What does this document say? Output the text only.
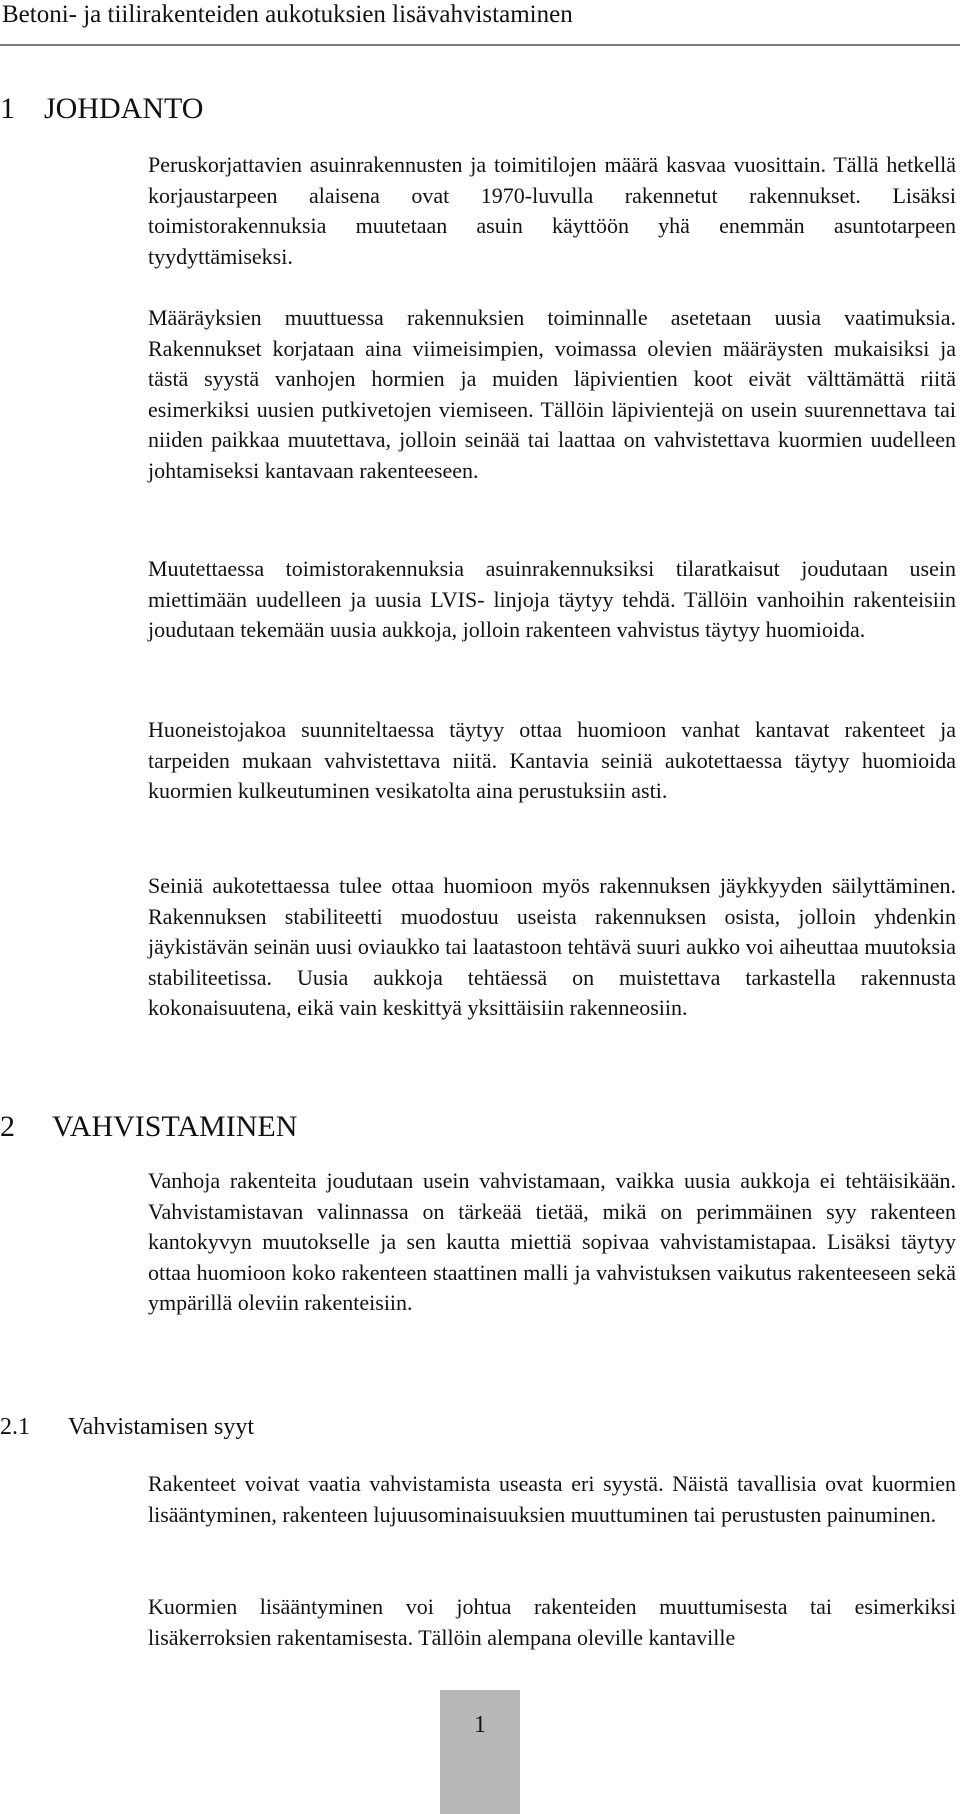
Betoni- ja tiilirakenteiden aukotuksien lisävahvistaminen
1 JOHDANTO

Peruskorjattavien asuinrakennusten ja toimitilojen määrä kasvaa vuosittain. Tällä hetkellä korjaustarpeen alaisena ovat 1970-luvulla rakennetut rakennukset. Lisäksi toimistorakennuksia muutetaan asuin käyttöön yhä enemmän asuntotarpeen tyydyttämiseksi.

Määräyksien muuttuessa rakennuksien toiminnalle asetetaan uusia vaatimuksia. Rakennukset korjataan aina viimeisimpien, voimassa olevien määräysten mukaisiksi ja tästä syystä vanhojen hormien ja muiden läpivientien koot eivät välttämättä riitä esimerkiksi uusien putkivetojen viemiseen. Tällöin läpivientejä on usein suurennettava tai niiden paikkaa muutettava, jolloin seinää tai laattaa on vahvistettava kuormien uudelleen johtamiseksi kantavaan rakenteeseen.

Muutettaessa toimistorakennuksia asuinrakennuksiksi tilaratkaisut joudutaan usein miettimään uudelleen ja uusia LVIS- linjoja täytyy tehdä. Tällöin vanhoihin rakenteisiin joudutaan tekemään uusia aukkoja, jolloin rakenteen vahvistus täytyy huomioida.

Huoneistojakoa suunniteltaessa täytyy ottaa huomioon vanhat kantavat rakenteet ja tarpeiden mukaan vahvistettava niitä. Kantavia seiniä aukotettaessa täytyy huomioida kuormien kulkeutuminen vesikatolta aina perustuksiin asti.

Seiniä aukotettaessa tulee ottaa huomioon myös rakennuksen jäykkyyden säilyttäminen. Rakennuksen stabiliteetti muodostuu useista rakennuksen osista, jolloin yhdenkin jäykistävän seinän uusi oviaukko tai laatastoon tehtävä suuri aukko voi aiheuttaa muutoksia stabiliteetissa. Uusia aukkoja tehtäessä on muistettava tarkastella rakennusta kokonaisuutena, eikä vain keskittyä yksittäisiin rakenneosiin.

2 VAHVISTAMINEN

Vanhoja rakenteita joudutaan usein vahvistamaan, vaikka uusia aukkoja ei tehtäisikään. Vahvistamistavan valinnassa on tärkeää tietää, mikä on perimmäinen syy rakenteen kantokyvyn muutokselle ja sen kautta miettiä sopivaa vahvistamistapaa. Lisäksi täytyy ottaa huomioon koko rakenteen staattinen malli ja vahvistuksen vaikutus rakenteeseen sekä ympärillä oleviin rakenteisiin.

2.1 Vahvistamisen syyt

Rakenteet voivat vaatia vahvistamista useasta eri syystä. Näistä tavallisia ovat kuormien lisääntyminen, rakenteen lujuusominaisuuksien muuttuminen tai perustusten painuminen.

Kuormien lisääntyminen voi johtua rakenteiden muuttumisesta tai esimerkiksi lisäkerroksien rakentamisesta. Tällöin alempana oleville kantaville

1
